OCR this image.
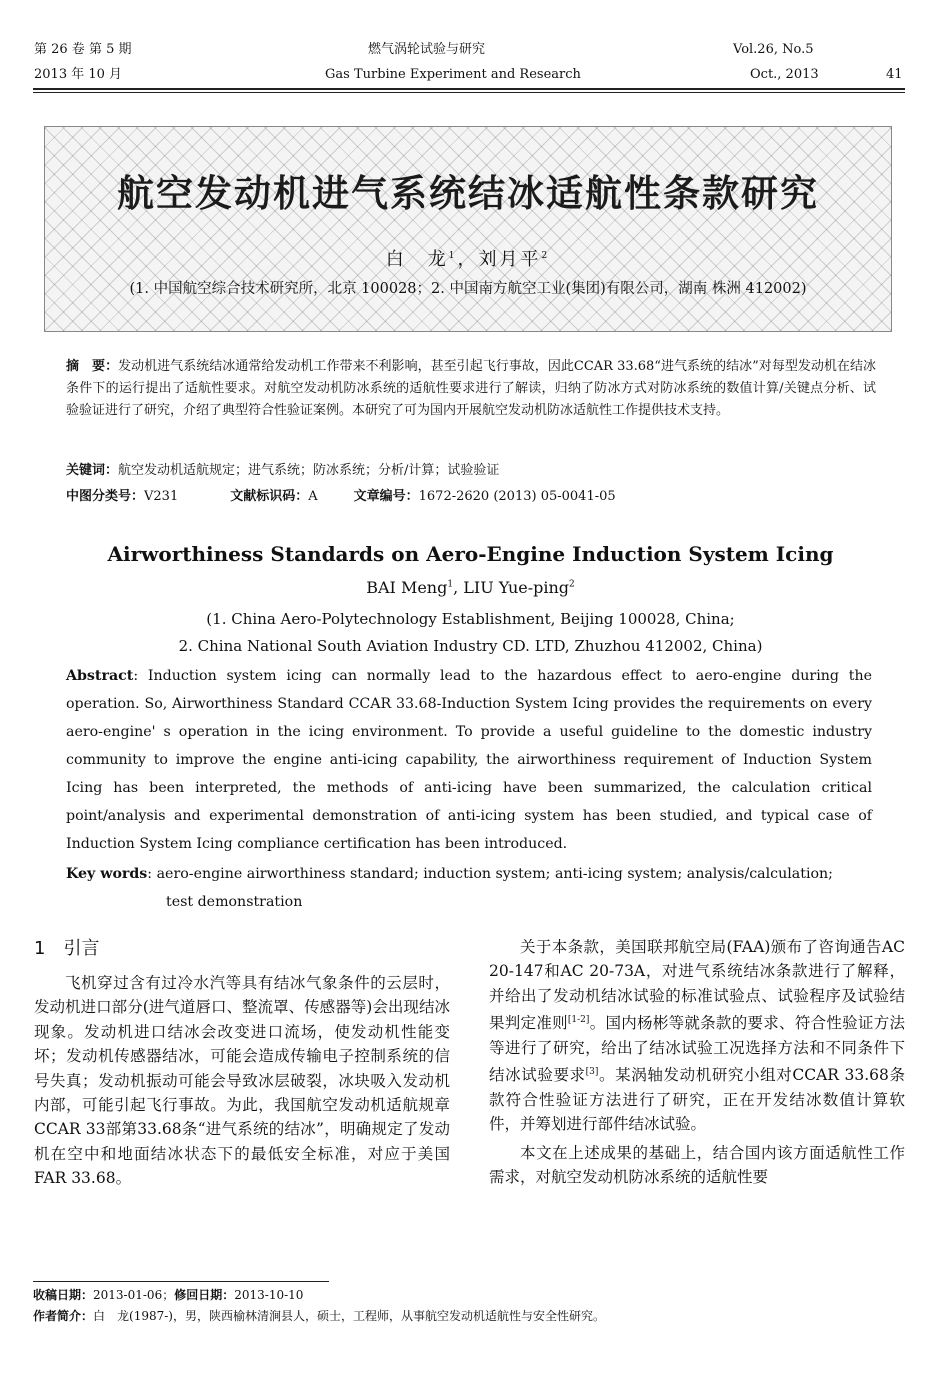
第 26 卷 第 5 期
2013 年 10 月
燃气涡轮试验与研究
Gas Turbine Experiment and Research
Vol.26, No.5
Oct., 2013	41
航空发动机进气系统结冰适航性条款研究
白　龙$^1$，刘月平$^2$
(1. 中国航空综合技术研究所，北京 100028；2. 中国南方航空工业(集团)有限公司，湖南 株洲 412002)
摘　要：发动机进气系统结冰通常给发动机工作带来不利影响，甚至引起飞行事故，因此CCAR 33.68“进气系统的结冰”对每型发动机在结冰条件下的运行提出了适航性要求。对航空发动机防冰系统的适航性要求进行了解读，归纳了防冰方式对防冰系统的数值计算/关键点分析、试验验证进行了研究，介绍了典型符合性验证案例。本研究了可为国内开展航空发动机防冰适航性工作提供技术支持。
关键词：航空发动机适航规定；进气系统；防冰系统；分析/计算；试验验证
中图分类号：V231	文献标识码：A	文章编号：1672-2620 (2013) 05-0041-05
Airworthiness Standards on Aero-Engine Induction System Icing
BAI Meng$^1$, LIU Yue-ping$^2$
(1. China Aero-Polytechnology Establishment, Beijing 100028, China;
2. China National South Aviation Industry CD. LTD, Zhuzhou 412002, China)
Abstract: Induction system icing can normally lead to the hazardous effect to aero-engine during the operation. So, Airworthiness Standard CCAR 33.68-Induction System Icing provides the requirements on every aero-engine' s operation in the icing environment. To provide a useful guideline to the domestic industry community to improve the engine anti-icing capability, the airworthiness requirement of Induction System Icing has been interpreted, the methods of anti-icing have been summarized, the calculation critical point/analysis and experimental demonstration of anti-icing system has been studied, and typical case of Induction System Icing compliance certification has been introduced.
Key words: aero-engine airworthiness standard; induction system; anti-icing system; analysis/calculation;
test demonstration
1　引言

飞机穿过含有过冷水汽等具有结冰气象条件的云层时，发动机进口部分(进气道唇口、整流罩、传感器等)会出现结冰现象。发动机进口结冰会改变进口流场，使发动机性能变坏；发动机传感器结冰，可能会造成传输电子控制系统的信号失真；发动机振动可能会导致冰层破裂，冰块吸入发动机内部，可能引起飞行事故。为此，我国航空发动机适航规章CCAR 33部第33.68条“进气系统的结冰”，明确规定了发动机在空中和地面结冰状态下的最低安全标准，对应于美国FAR 33.68。

关于本条款，美国联邦航空局(FAA)颁布了咨询通告AC 20-147和AC 20-73A，对进气系统结冰条款进行了解释，并给出了发动机结冰试验的标准试验点、试验程序及试验结果判定准则[1-2]。国内杨彬等就条款的要求、符合性验证方法等进行了研究，给出了结冰试验工况选择方法和不同条件下结冰试验要求[3]。某涡轴发动机研究小组对CCAR 33.68条款符合性验证方法进行了研究，正在开发结冰数值计算软件，并筹划进行部件结冰试验。

本文在上述成果的基础上，结合国内该方面适航性工作需求，对航空发动机防冰系统的适航性要

收稿日期：2013-01-06；修回日期：2013-10-10
作者简介：白　龙(1987-)，男，陕西榆林清涧县人，硕士，工程师，从事航空发动机适航性与安全性研究。
